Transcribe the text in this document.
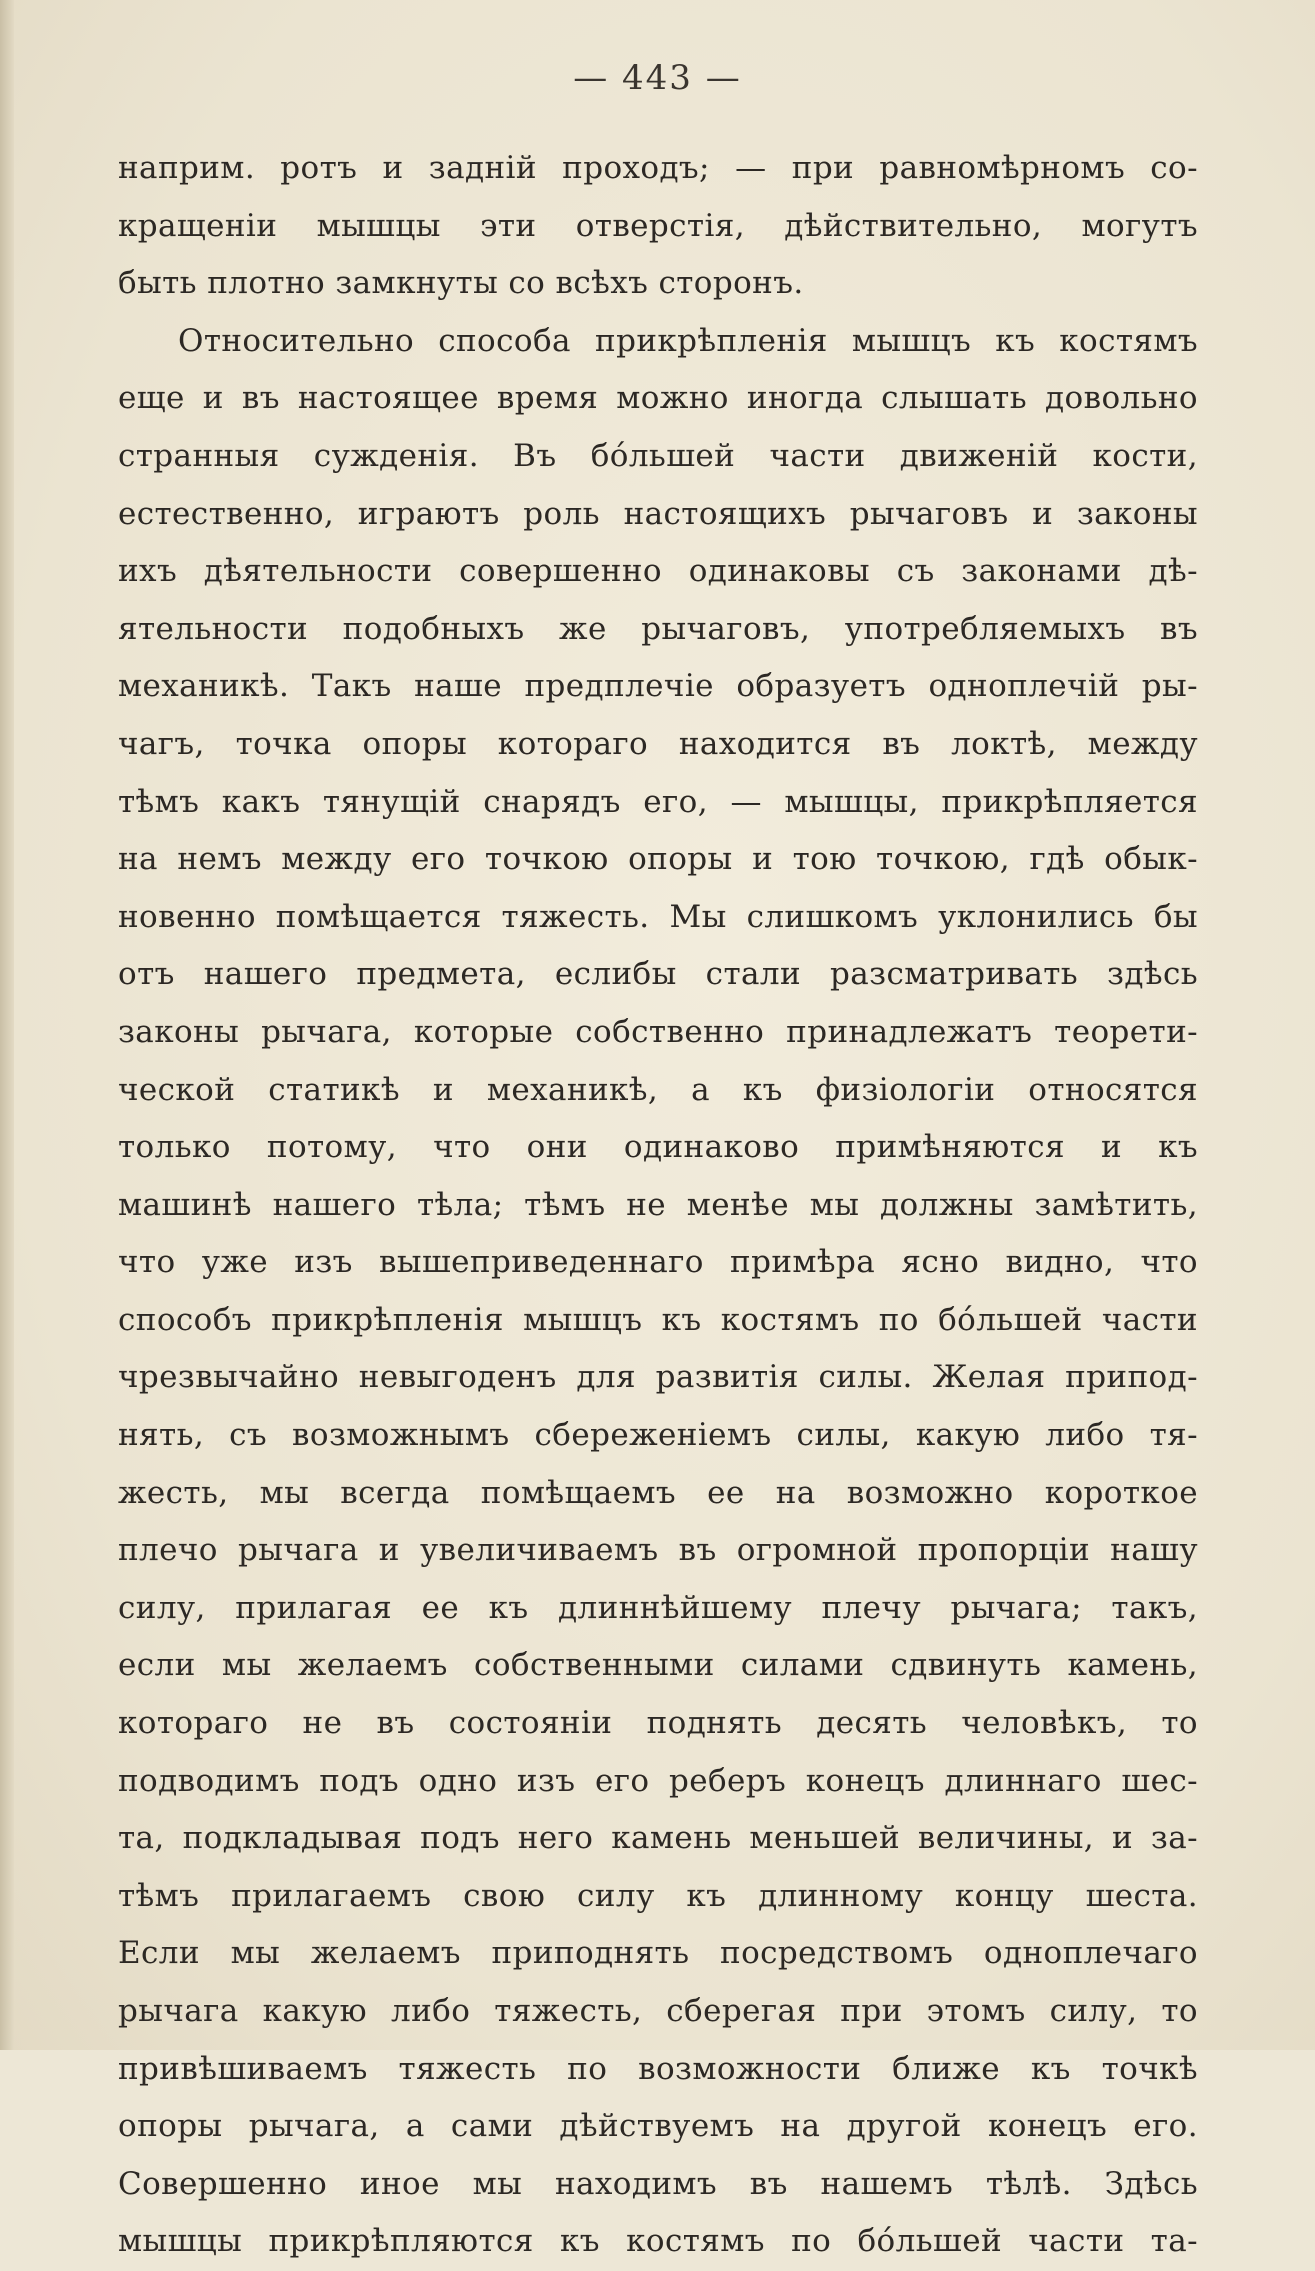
— 443 —
наприм. ротъ и заднiй проходъ; — при равномѣрномъ со-
кращенiи мышцы эти отверстiя, дѣйствительно, могутъ
быть плотно замкнуты со всѣхъ сторонъ.
Относительно способа прикрѣпленiя мышцъ къ костямъ
еще и въ настоящее время можно иногда слышать довольно
странныя сужденiя. Въ бо́льшей части движенiй кости,
естественно, играютъ роль настоящихъ рычаговъ и законы
ихъ дѣятельности совершенно одинаковы съ законами дѣ-
ятельности подобныхъ же рычаговъ, употребляемыхъ въ
механикѣ. Такъ наше предплечiе образуетъ одноплечiй ры-
чагъ, точка опоры котораго находится въ локтѣ, между
тѣмъ какъ тянущiй снарядъ его, — мышцы, прикрѣпляется
на немъ между его точкою опоры и тою точкою, гдѣ обык-
новенно помѣщается тяжесть. Мы слишкомъ уклонились бы
отъ нашего предмета, еслибы стали разсматривать здѣсь
законы рычага, которые собственно принадлежатъ теорети-
ческой статикѣ и механикѣ, а къ физiологiи относятся
только потому, что они одинаково примѣняются и къ
машинѣ нашего тѣла; тѣмъ не менѣе мы должны замѣтить,
что уже изъ вышеприведеннаго примѣра ясно видно, что
способъ прикрѣпленiя мышцъ къ костямъ по бо́льшей части
чрезвычайно невыгоденъ для развитiя силы. Желая припод-
нять, съ возможнымъ сбереженiемъ силы, какую либо тя-
жесть, мы всегда помѣщаемъ ее на возможно короткое
плечо рычага и увеличиваемъ въ огромной пропорцiи нашу
силу, прилагая ее къ длиннѣйшему плечу рычага; такъ,
если мы желаемъ собственными силами сдвинуть камень,
котораго не въ состоянiи поднять десять человѣкъ, то
подводимъ подъ одно изъ его реберъ конецъ длиннаго шес-
та, подкладывая подъ него камень меньшей величины, и за-
тѣмъ прилагаемъ свою силу къ длинному концу шеста.
Если мы желаемъ приподнять посредствомъ одноплечаго
рычага какую либо тяжесть, сберегая при этомъ силу, то
привѣшиваемъ тяжесть по возможности ближе къ точкѣ
опоры рычага, а сами дѣйствуемъ на другой конецъ его.
Совершенно иное мы находимъ въ нашемъ тѣлѣ. Здѣсь
мышцы прикрѣпляются къ костямъ по бо́льшей части та-
